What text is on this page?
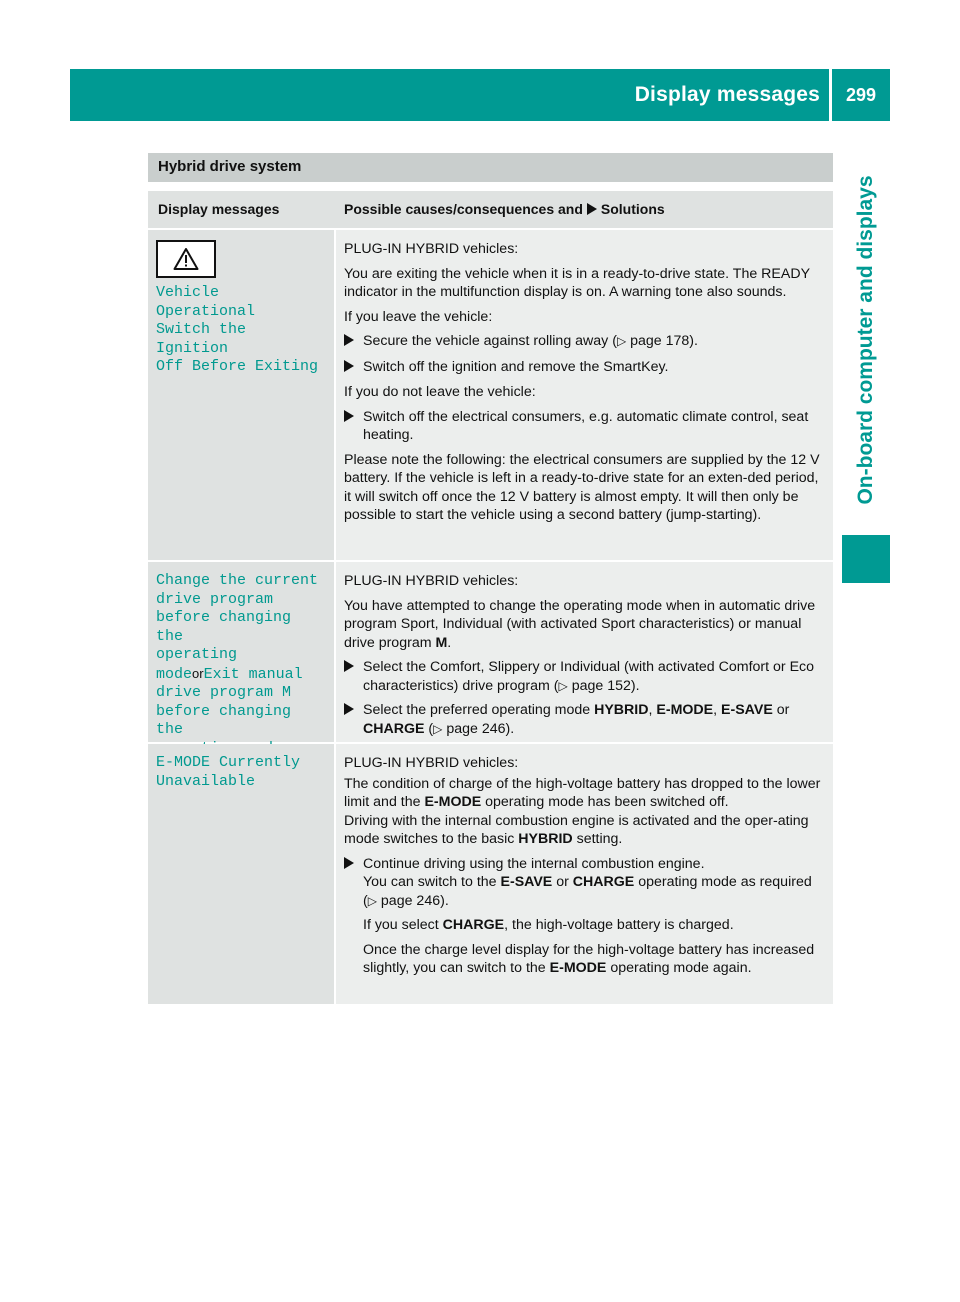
Display messages	299
On-board computer and displays
Hybrid drive system
Display messages	Possible causes/consequences and Solutions
Vehicle Operational
Switch the Ignition
Off Before Exiting

PLUG-IN HYBRID vehicles:

You are exiting the vehicle when it is in a ready-to-drive state. The READY indicator in the multifunction display is on. A warning tone also sounds.

If you leave the vehicle:

Secure the vehicle against rolling away (▷ page 178).
Switch off the ignition and remove the SmartKey.

If you do not leave the vehicle:

Switch off the electrical consumers, e.g. automatic climate control, seat heating.

Please note the following: the electrical consumers are supplied by the 12 V battery. If the vehicle is left in a ready-to-drive state for an exten-ded period, it will switch off once the 12 V battery is almost empty. It will then only be possible to start the vehicle using a second battery (jump-starting).

Change the current
drive program
before changing the
operating
modeorExit manual
drive program M
before changing the

PLUG-IN HYBRID vehicles:

You have attempted to change the operating mode when in automatic drive program Sport, Individual (with activated Sport characteristics) or manual drive program M.

Select the Comfort, Slippery or Individual (with activated Comfort or Eco characteristics) drive program (▷ page 152).
Select the preferred operating mode HYBRID, E-MODE, E-SAVE or CHARGE (▷ page 246).
E-MODE Currently
Unavailable

PLUG-IN HYBRID vehicles:

The condition of charge of the high-voltage battery has dropped to the lower limit and the E-MODE operating mode has been switched off.

Driving with the internal combustion engine is activated and the oper-ating mode switches to the basic HYBRID setting.

Continue driving using the internal combustion engine.
You can switch to the E-SAVE or CHARGE operating mode as required (▷ page 246).
If you select CHARGE, the high-voltage battery is charged.
Once the charge level display for the high-voltage battery has increased slightly, you can switch to the E-MODE operating mode again.
